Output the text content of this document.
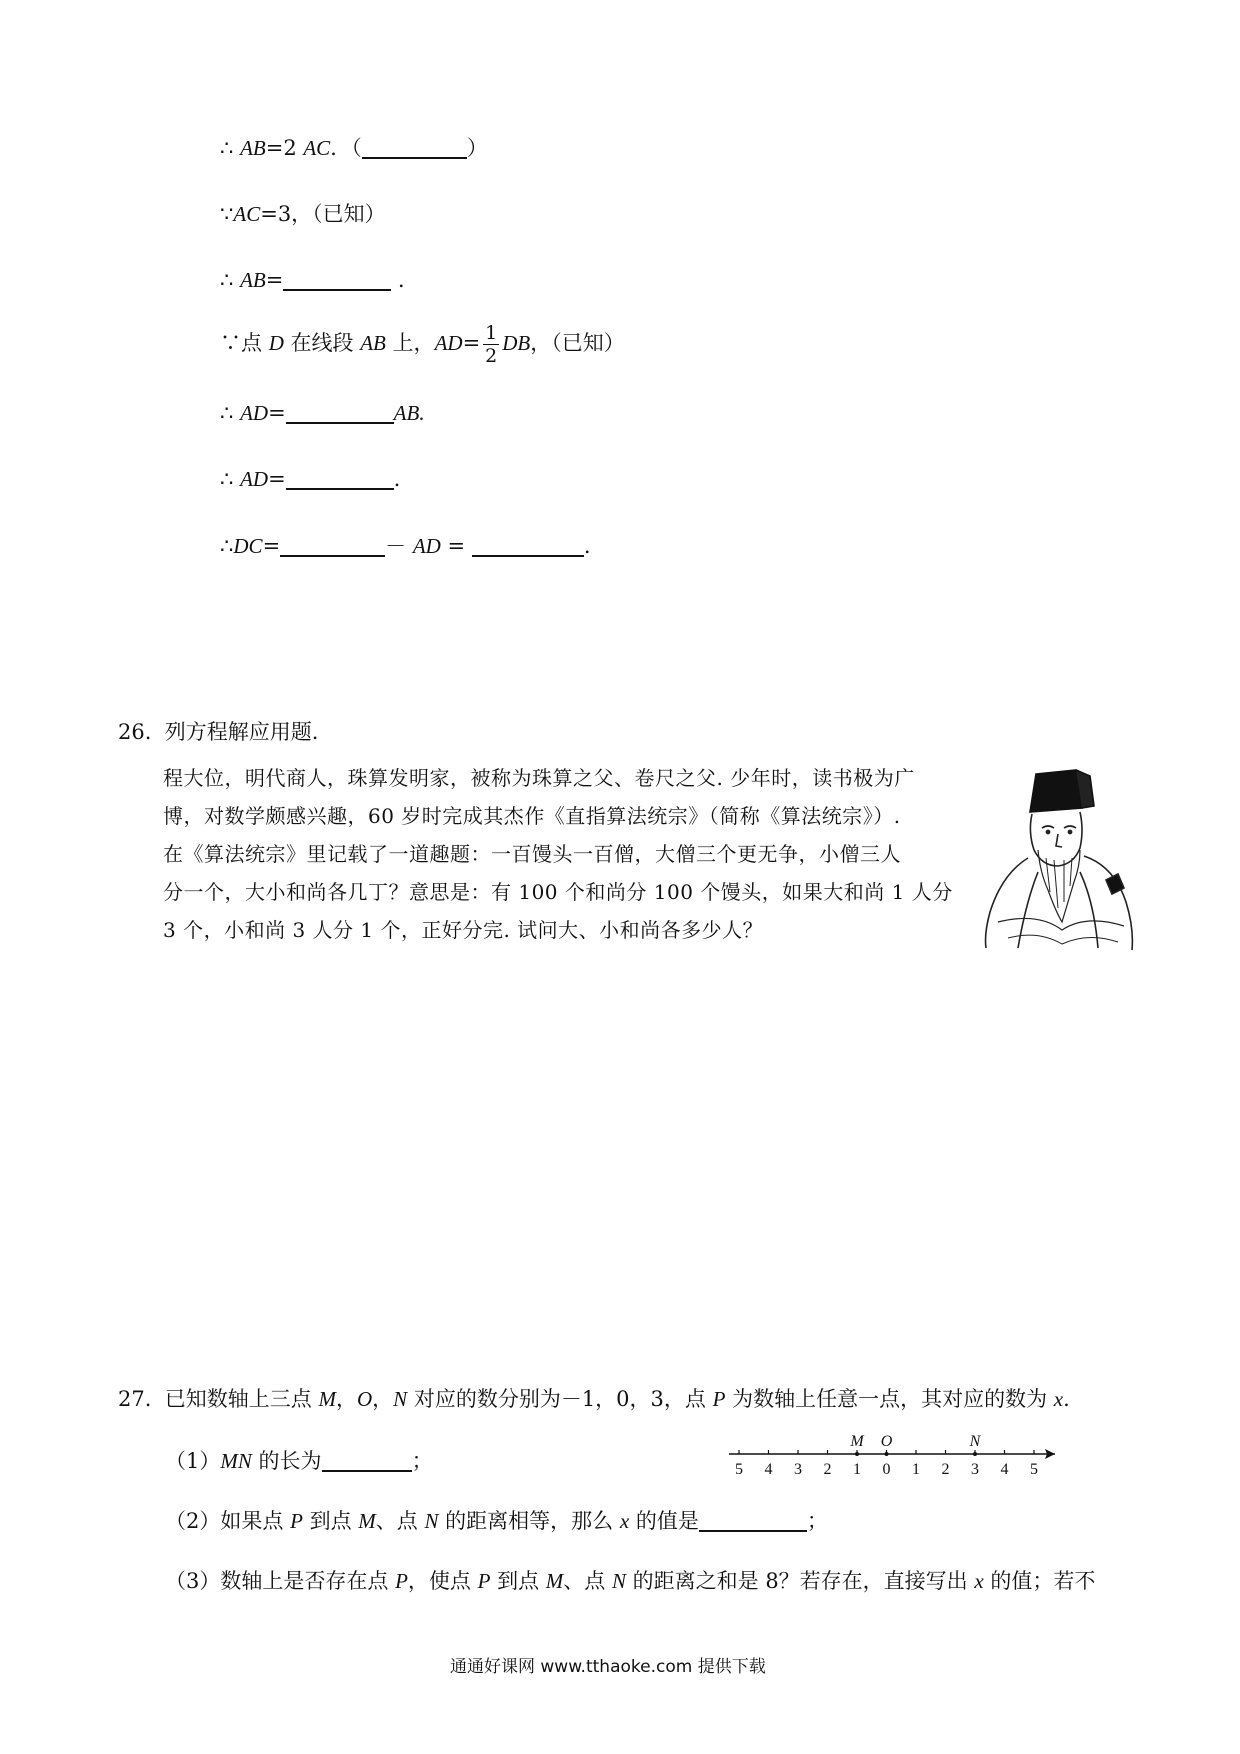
∴ AB=2 AC．（	）
∵AC=3，（已知）
∴ AB=	．
∵点 D 在线段 AB 上，$AD= \frac{1}{2}$ DB，（已知）
∴ AD=	AB.
∴ AD=	.
∴DC=	－ AD =	.
26. 列方程解应用题.
程大位，明代商人，珠算发明家，被称为珠算之父、卷尺之父. 少年时，读书极为广
博，对数学颇感兴趣，60 岁时完成其杰作《直指算法统宗》（简称《算法统宗》）.
在《算法统宗》里记载了一道趣题：一百馒头一百僧，大僧三个更无争，小僧三人
分一个，大小和尚各几丁？意思是：有 100 个和尚分 100 个馒头，如果大和尚 1 人分
3 个，小和尚 3 人分 1 个，正好分完. 试问大、小和尚各多少人？
27. 已知数轴上三点 M，O，N 对应的数分别为－1，0，3，点 P 为数轴上任意一点，其对应的数为 x.
（1）MN 的长为	；	5 4 3 2 1 0 1 2 3 4 5
M O	N
（2）如果点 P 到点 M、点 N 的距离相等，那么 x 的值是	；
（3）数轴上是否存在点 P，使点 P 到点 M、点 N 的距离之和是 8？若存在，直接写出 x 的值；若不
通通好课网 www.tthaoke.com 提供下载
